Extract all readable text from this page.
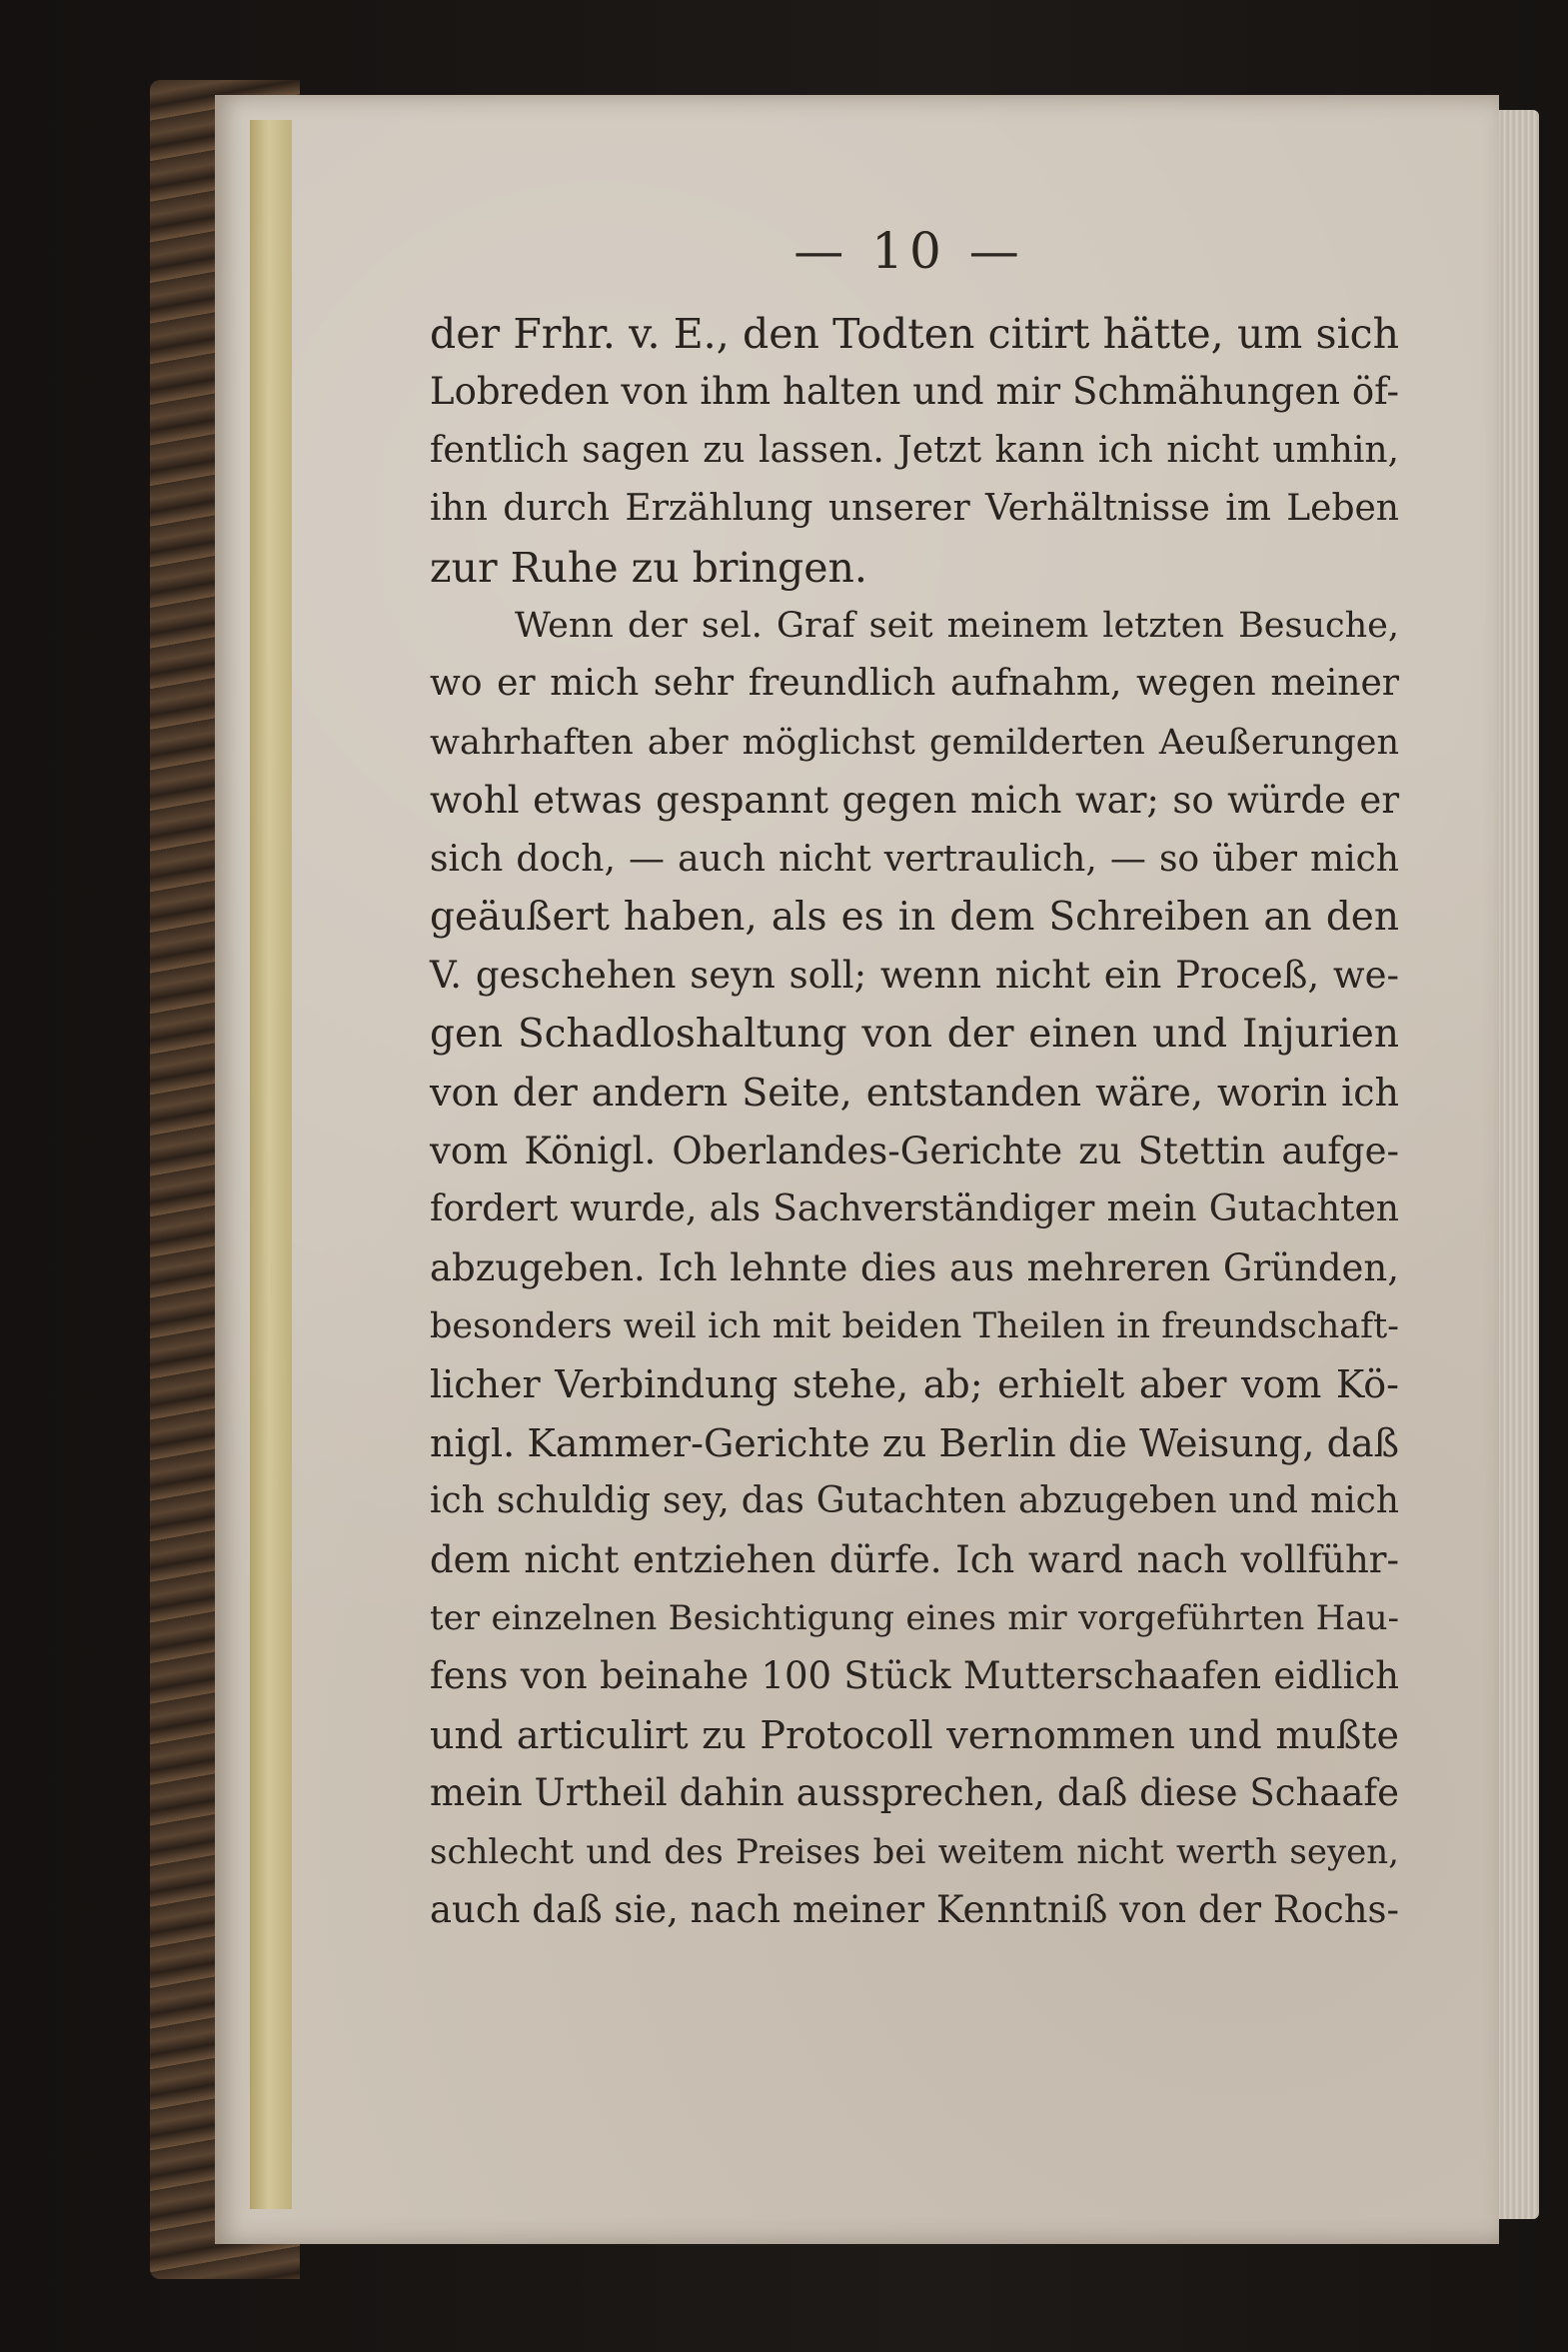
— 10 —
der Frhr. v. E., den Todten citirt hätte, um sich
Lobreden von ihm halten und mir Schmähungen öf-
fentlich sagen zu lassen. Jetzt kann ich nicht umhin,
ihn durch Erzählung unserer Verhältnisse im Leben
zur Ruhe zu bringen.
Wenn der sel. Graf seit meinem letzten Besuche,
wo er mich sehr freundlich aufnahm, wegen meiner
wahrhaften aber möglichst gemilderten Aeußerungen
wohl etwas gespannt gegen mich war; so würde er
sich doch, — auch nicht vertraulich, — so über mich
geäußert haben, als es in dem Schreiben an den
V. geschehen seyn soll; wenn nicht ein Proceß, we-
gen Schadloshaltung von der einen und Injurien
von der andern Seite, entstanden wäre, worin ich
vom Königl. Oberlandes-Gerichte zu Stettin aufge-
fordert wurde, als Sachverständiger mein Gutachten
abzugeben. Ich lehnte dies aus mehreren Gründen,
besonders weil ich mit beiden Theilen in freundschaft-
licher Verbindung stehe, ab; erhielt aber vom Kö-
nigl. Kammer-Gerichte zu Berlin die Weisung, daß
ich schuldig sey, das Gutachten abzugeben und mich
dem nicht entziehen dürfe. Ich ward nach vollführ-
ter einzelnen Besichtigung eines mir vorgeführten Hau-
fens von beinahe 100 Stück Mutterschaafen eidlich
und articulirt zu Protocoll vernommen und mußte
mein Urtheil dahin aussprechen, daß diese Schaafe
schlecht und des Preises bei weitem nicht werth seyen,
auch daß sie, nach meiner Kenntniß von der Rochs-
